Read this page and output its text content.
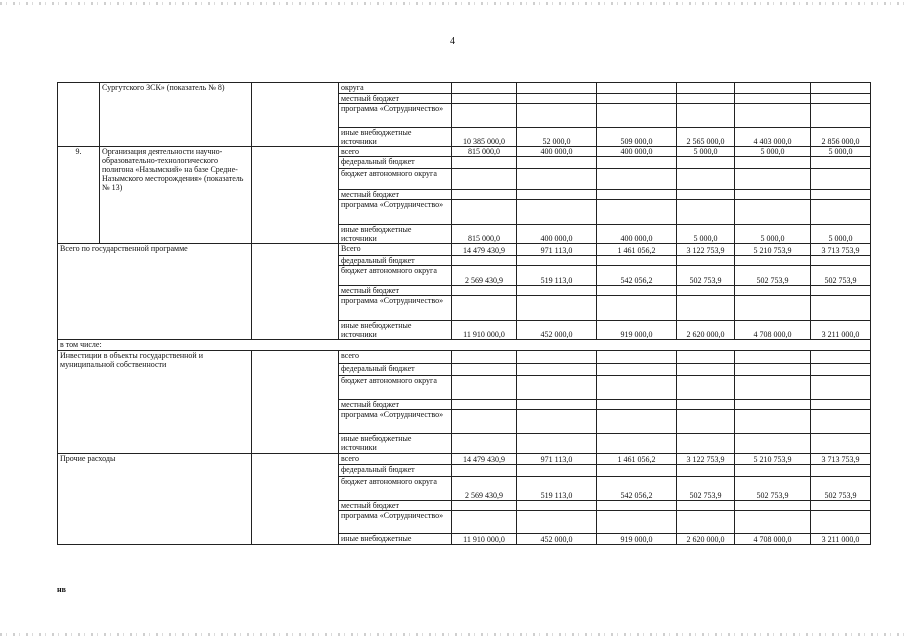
4
	Сургутского ЗСК» (показатель № 8)		округа						
			местный бюджет						
			программа «Сотрудничество»						
			иные внебюджетные источники	10 385 000,0	52 000,0	509 000,0	2 565 000,0	4 403 000,0	2 856 000,0
9.	Организация деятельности научно-образовательно-технологического полигона «Назымский» на базе Средне-Назымского месторождения» (показатель № 13)		всего	815 000,0	400 000,0	400 000,0	5 000,0	5 000,0	5 000,0
			федеральный бюджет						
			бюджет автономного округа						
			местный бюджет						
			программа «Сотрудничество»						
			иные внебюджетные источники	815 000,0	400 000,0	400 000,0	5 000,0	5 000,0	5 000,0
Всего по государственной программе			Всего	14 479 430,9	971 113,0	1 461 056,2	3 122 753,9	5 210 753,9	3 713 753,9
			федеральный бюджет						
			бюджет автономного округа	2 569 430,9	519 113,0	542 056,2	502 753,9	502 753,9	502 753,9
			местный бюджет						
			программа «Сотрудничество»						
			иные внебюджетные источники	11 910 000,0	452 000,0	919 000,0	2 620 000,0	4 708 000,0	3 211 000,0
в том числе:									
Инвестиции в объекты государственной и муниципальной собственности			всего						
			федеральный бюджет						
			бюджет автономного округа						
			местный бюджет						
			программа «Сотрудничество»						
			иные внебюджетные источники						
Прочие расходы			всего	14 479 430,9	971 113,0	1 461 056,2	3 122 753,9	5 210 753,9	3 713 753,9
			федеральный бюджет						
			бюджет автономного округа	2 569 430,9	519 113,0	542 056,2	502 753,9	502 753,9	502 753,9
			местный бюджет						
			программа «Сотрудничество»						
			иные внебюджетные	11 910 000,0	452 000,0	919 000,0	2 620 000,0	4 708 000,0	3 211 000,0
нв
